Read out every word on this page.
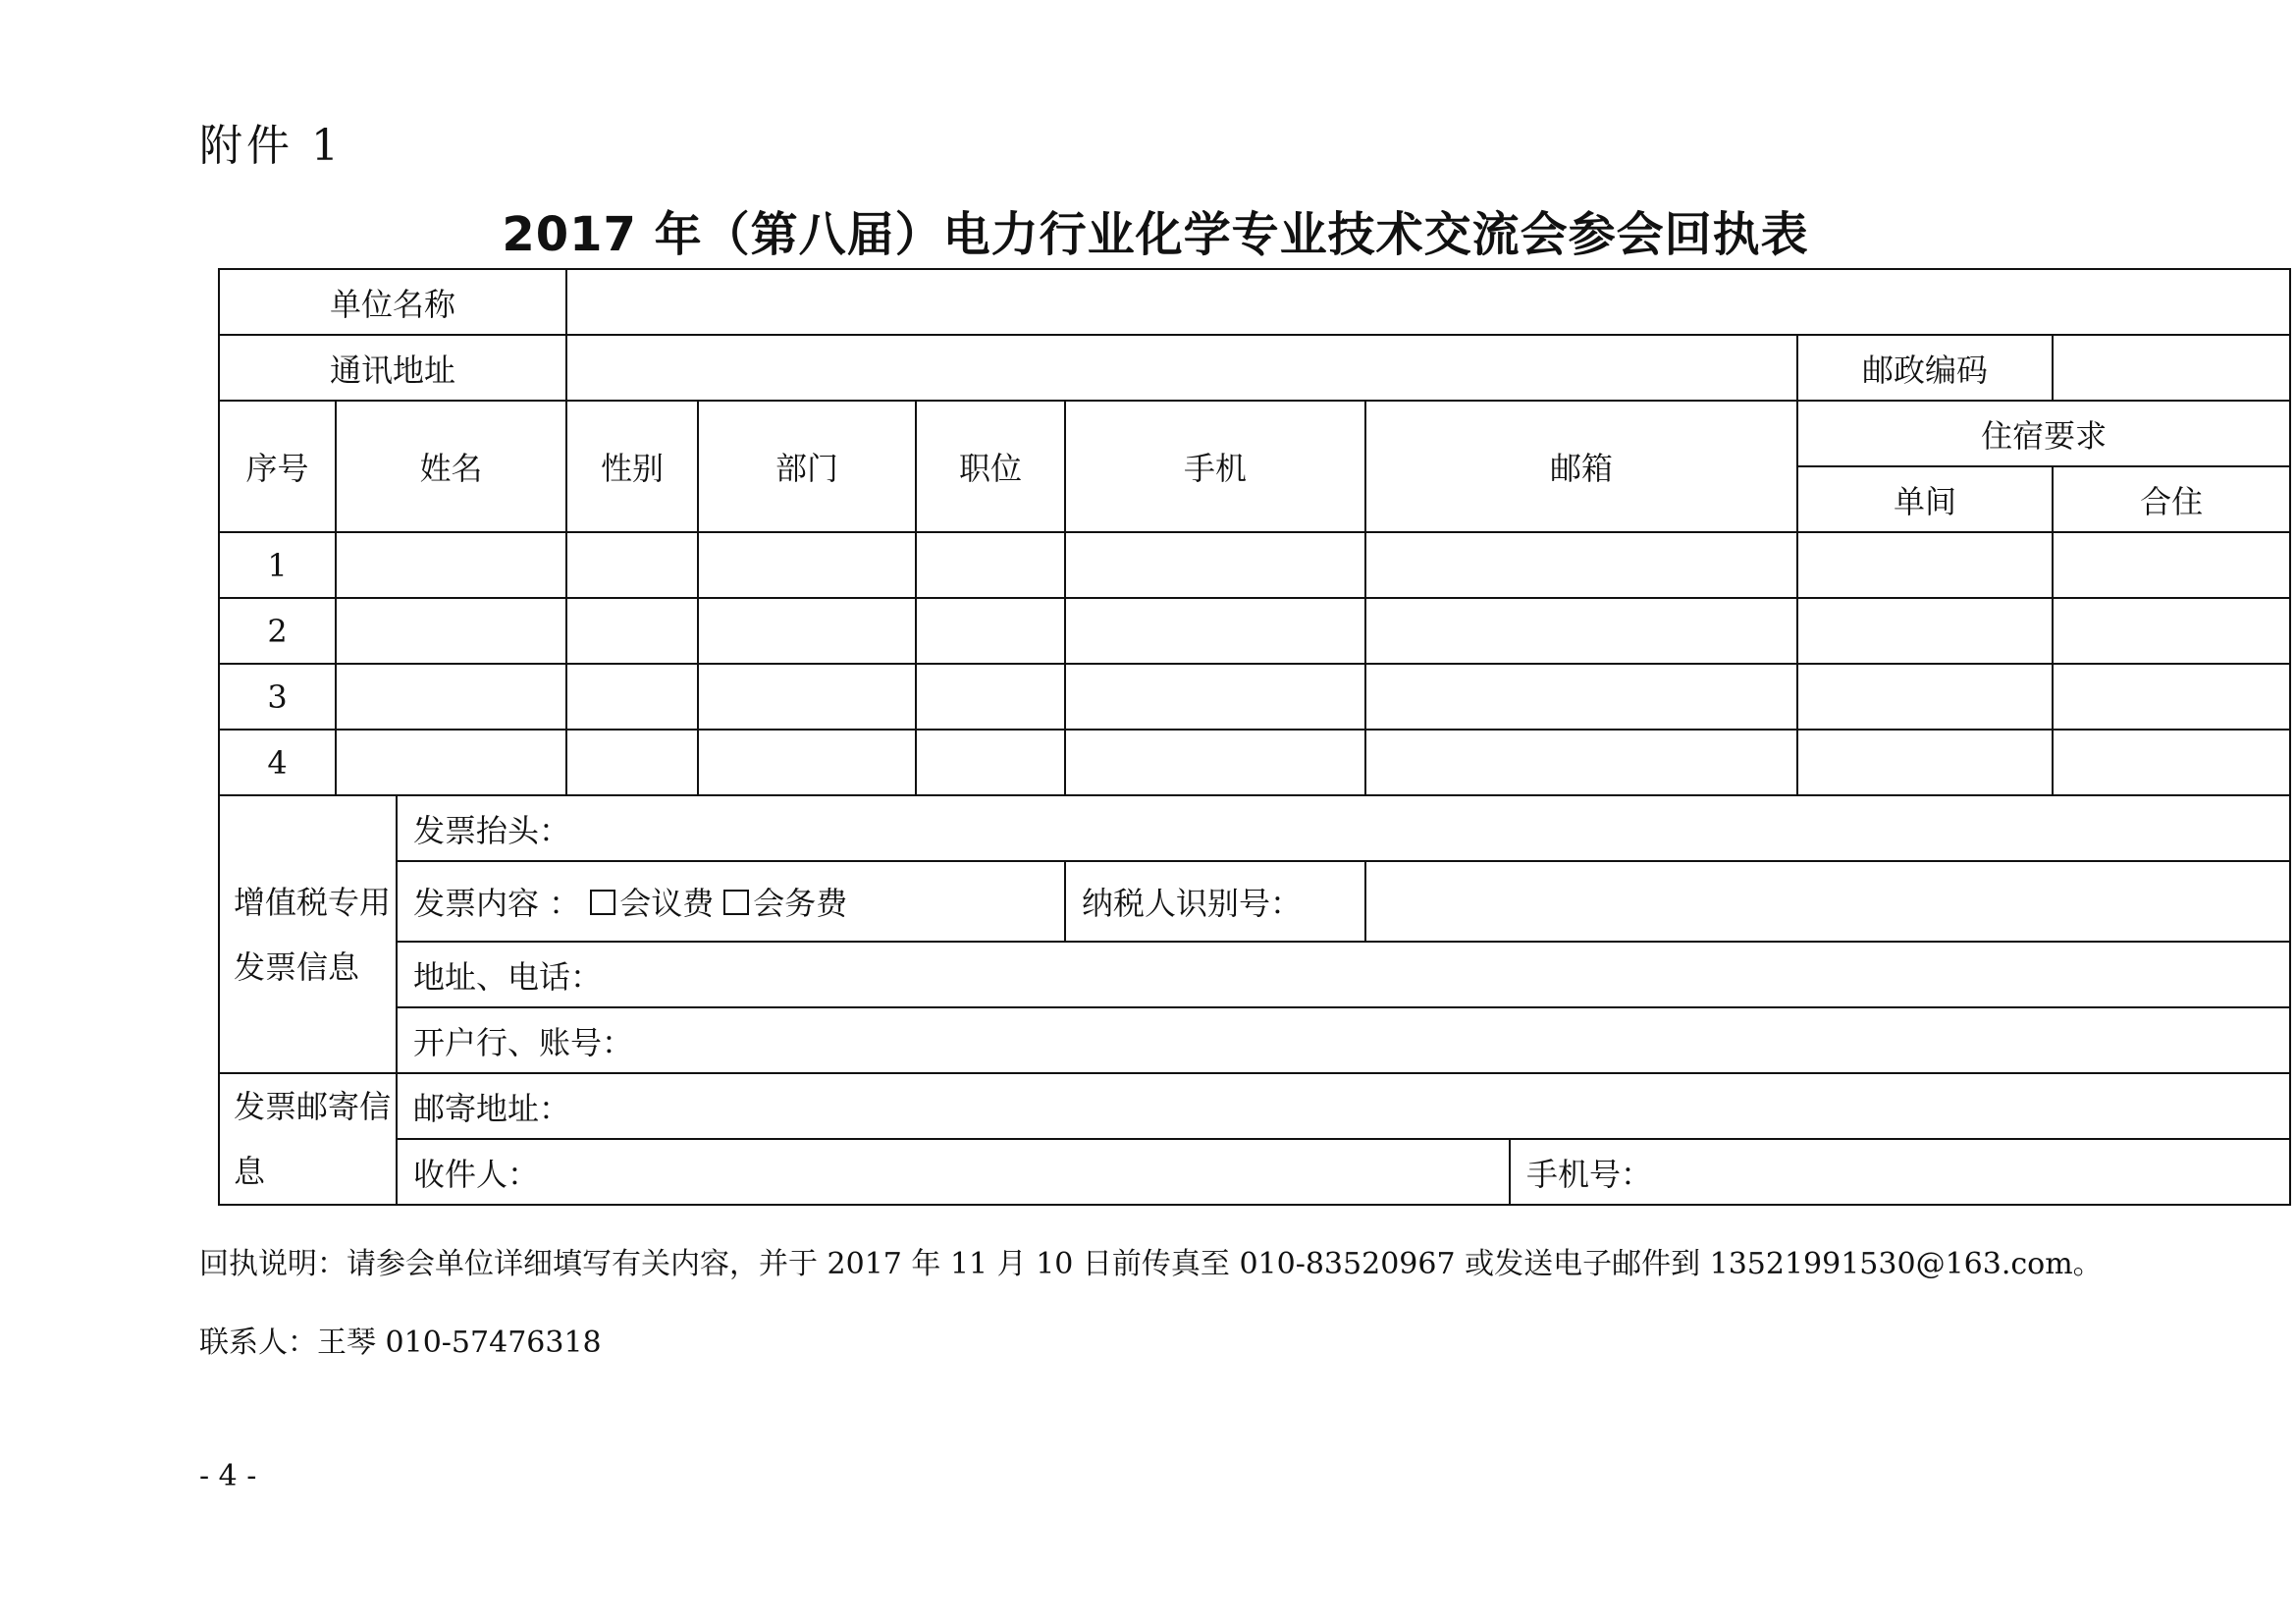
附件 1
2017 年（第八届）电力行业化学专业技术交流会参会回执表
单位名称										
通讯地址									邮政编码	
序号	姓名		性别	部门	职位	手机	邮箱		住宿要求	
									单间	合住
1										
2										
3										
4										
增值税专用发票信息		发票抬头：								
		发票内容 ： 会议费 会务费				纳税人识别号：				
		地址、电话：								
		开户行、账号：								
发票邮寄信息		邮寄地址：								
		收件人：						手机号：		
回执说明：请参会单位详细填写有关内容，并于 2017 年 11 月 10 日前传真至 010-83520967 或发送电子邮件到 13521991530@163.com。
联系人：王琴 010-57476318
- 4 -
